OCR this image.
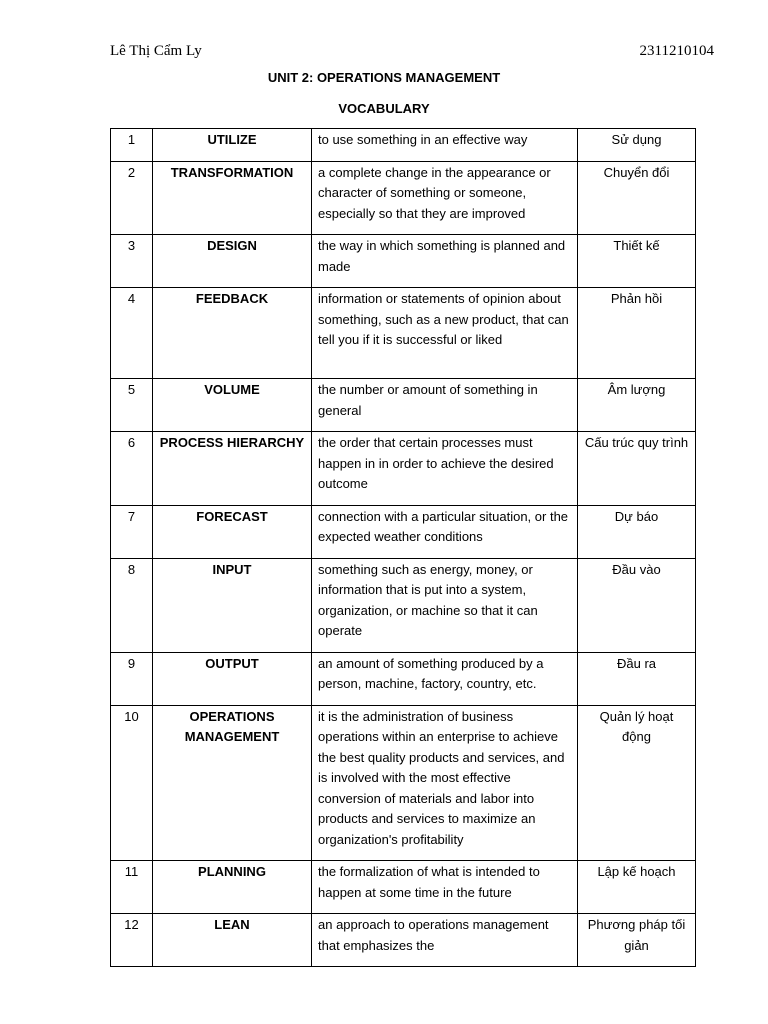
Lê Thị Cẩm Ly	2311210104
UNIT 2: OPERATIONS MANAGEMENT
VOCABULARY
1	UTILIZE	to use something in an effective way	Sử dụng
2	TRANSFORMATION	a complete change in the appearance or character of something or someone, especially so that they are improved	Chuyển đổi
3	DESIGN	the way in which something is planned and made	Thiết kế
4	FEEDBACK	information or statements of opinion about something, such as a new product, that can tell you if it is successful or liked	Phản hồi
5	VOLUME	the number or amount of something in general	Âm lượng
6	PROCESS HIERARCHY	the order that certain processes must happen in in order to achieve the desired outcome	Cấu trúc quy trình
7	FORECAST	connection with a particular situation, or the expected weather conditions	Dự báo
8	INPUT	something such as energy, money, or information that is put into a system, organization, or machine so that it can operate	Đầu vào
9	OUTPUT	an amount of something produced by a person, machine, factory, country, etc.	Đầu ra
10	OPERATIONS MANAGEMENT	it is the administration of business operations within an enterprise to achieve the best quality products and services, and is involved with the most effective conversion of materials and labor into products and services to maximize an organization's profitability	Quản lý hoạt động
11	PLANNING	the formalization of what is intended to happen at some time in the future	Lập kế hoạch
12	LEAN	an approach to operations management that emphasizes the	Phương pháp tối giản
